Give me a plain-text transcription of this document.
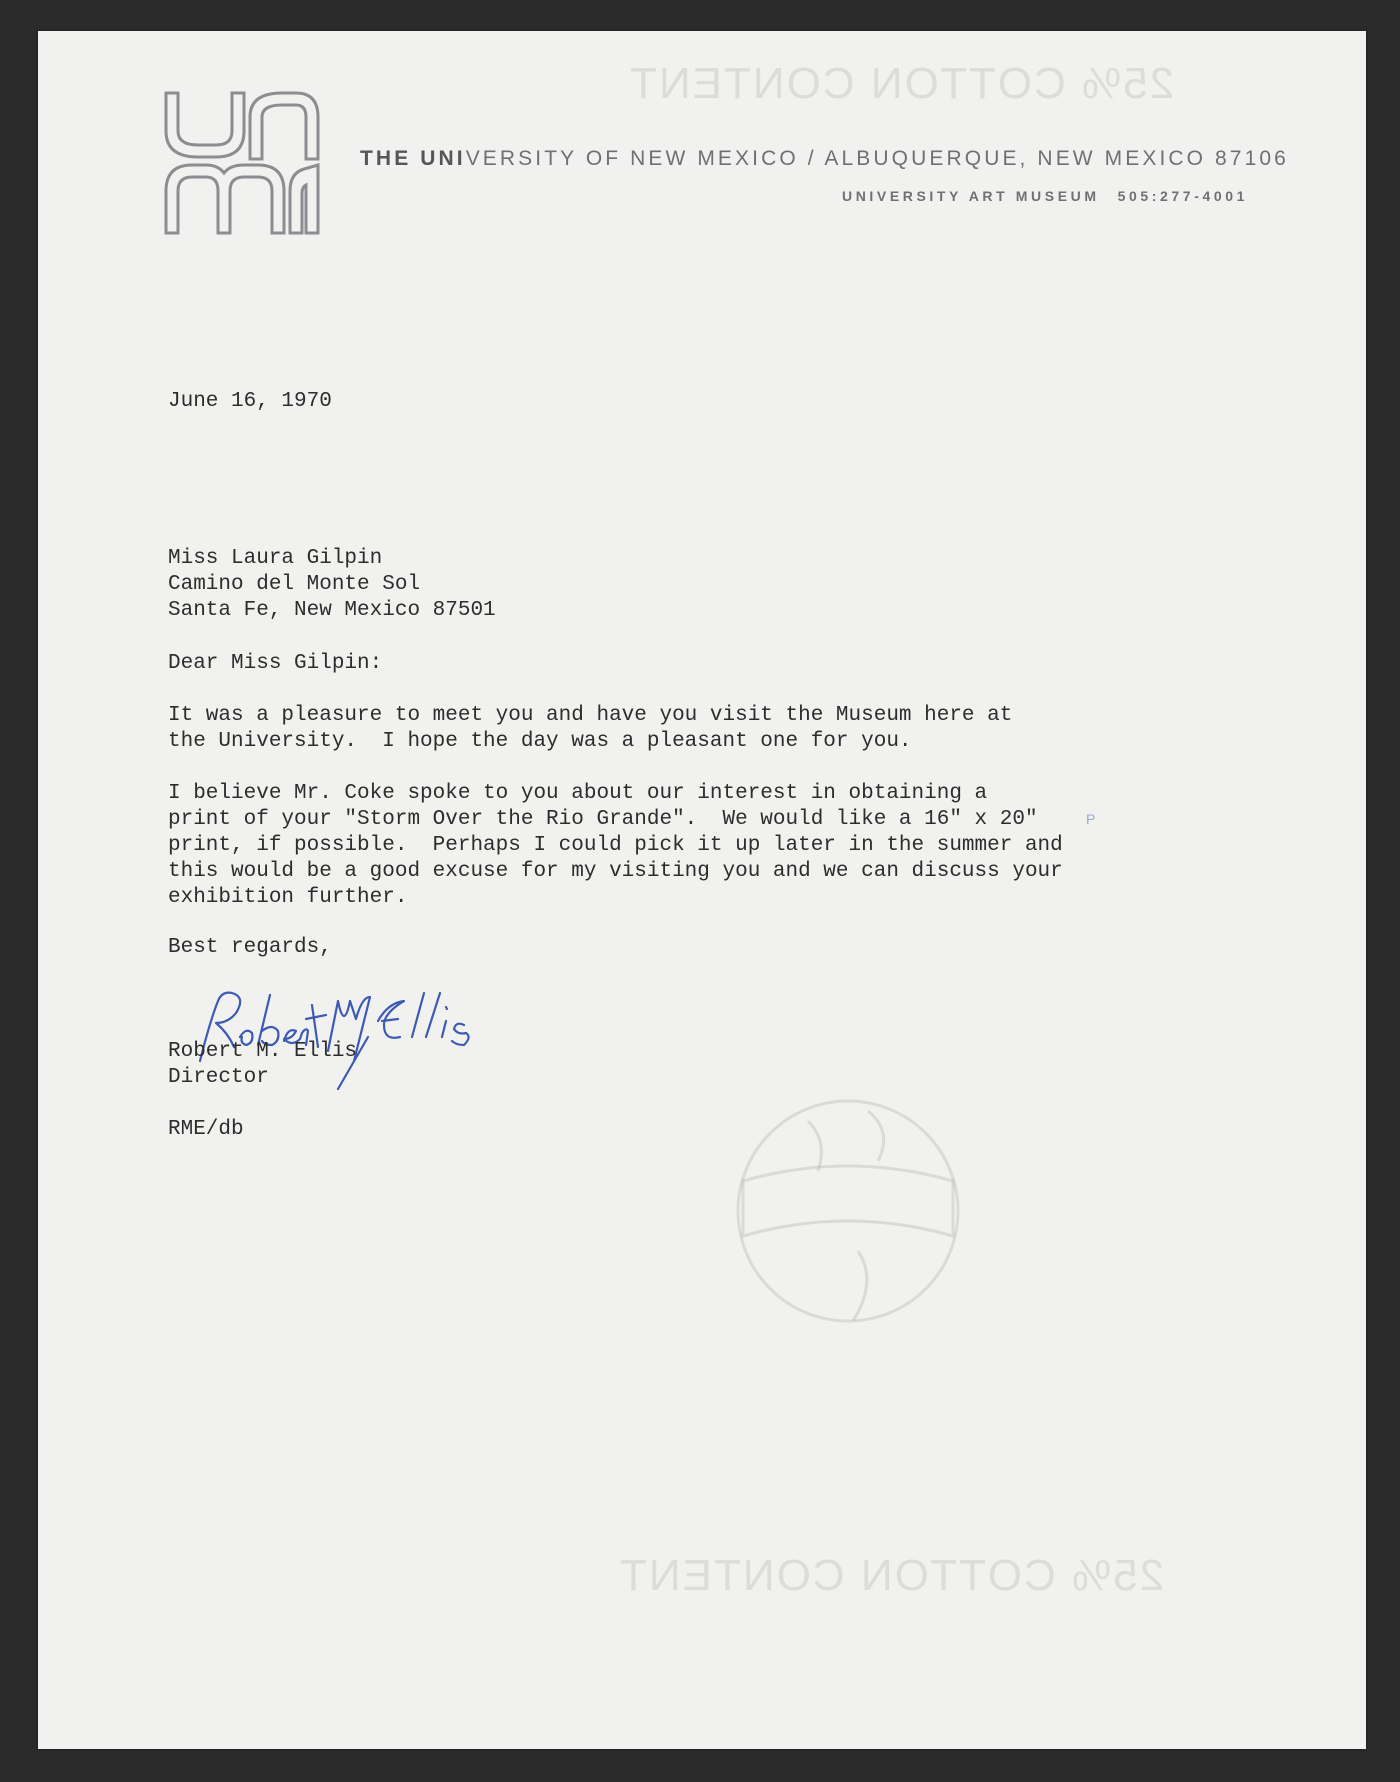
25% COTTON CONTENT
25% COTTON CONTENT
THE UNIVERSITY OF NEW MEXICO / ALBUQUERQUE, NEW MEXICO 87106
UNIVERSITY ART MUSEUM 505:277-4001
June 16, 1970
Miss Laura Gilpin
Camino del Monte Sol
Santa Fe, New Mexico 87501
Dear Miss Gilpin:
It was a pleasure to meet you and have you visit the Museum here at
the University.  I hope the day was a pleasant one for you.
I believe Mr. Coke spoke to you about our interest in obtaining a
print of your "Storm Over the Rio Grande".  We would like a 16" x 20"
print, if possible.  Perhaps I could pick it up later in the summer and
this would be a good excuse for my visiting you and we can discuss your
exhibition further.
P
Best regards,
Robert M. Ellis
Director
RME/db
